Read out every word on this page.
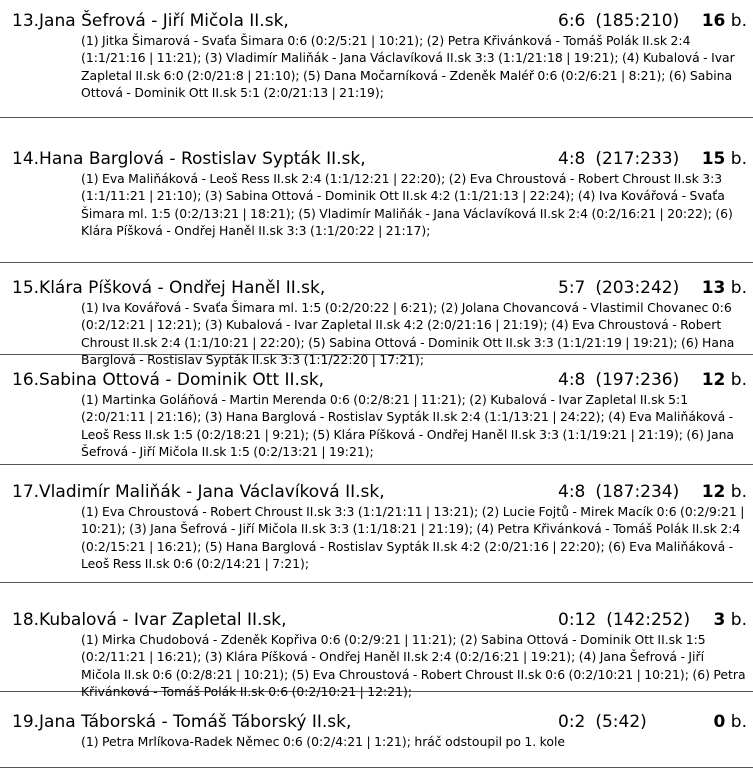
13.Jana Šefrová - Jiří Mičola II.sk,	6:6 (185:210) 16 b.
(1) Jitka Šimarová - Svaťa Šimara 0:6 (0:2/5:21 | 10:21); (2) Petra Křivánková - Tomáš Polák II.sk 2:4 (1:1/21:16 | 11:21); (3) Vladimír Maliňák - Jana Václavíková II.sk 3:3 (1:1/21:18 | 19:21); (4) Kubalová - Ivar Zapletal II.sk 6:0 (2:0/21:8 | 21:10); (5) Dana Močarníková - Zdeněk Maléř 0:6 (0:2/6:21 | 8:21); (6) Sabina Ottová - Dominik Ott II.sk 5:1 (2:0/21:13 | 21:19);
14.Hana Barglová - Rostislav Sypták II.sk,	4:8 (217:233) 15 b.
(1) Eva Maliňáková - Leoš Ress II.sk 2:4 (1:1/12:21 | 22:20); (2) Eva Chroustová - Robert Chroust II.sk 3:3 (1:1/11:21 | 21:10); (3) Sabina Ottová - Dominik Ott II.sk 4:2 (1:1/21:13 | 22:24); (4) Iva Kovářová - Svaťa Šimara ml. 1:5 (0:2/13:21 | 18:21); (5) Vladimír Maliňák - Jana Václavíková II.sk 2:4 (0:2/16:21 | 20:22); (6) Klára Píšková - Ondřej Haněl II.sk 3:3 (1:1/20:22 | 21:17);
15.Klára Píšková - Ondřej Haněl II.sk,	5:7 (203:242) 13 b.
(1) Iva Kovářová - Svaťa Šimara ml. 1:5 (0:2/20:22 | 6:21); (2) Jolana Chovancová - Vlastimil Chovanec 0:6 (0:2/12:21 | 12:21); (3) Kubalová - Ivar Zapletal II.sk 4:2 (2:0/21:16 | 21:19); (4) Eva Chroustová - Robert Chroust II.sk 2:4 (1:1/10:21 | 22:20); (5) Sabina Ottová - Dominik Ott II.sk 3:3 (1:1/21:19 | 19:21); (6) Hana Barglová - Rostislav Sypták II.sk 3:3 (1:1/22:20 | 17:21);
16.Sabina Ottová - Dominik Ott II.sk,	4:8 (197:236) 12 b.
(1) Martinka Goláňová - Martin Merenda 0:6 (0:2/8:21 | 11:21); (2) Kubalová - Ivar Zapletal II.sk 5:1 (2:0/21:11 | 21:16); (3) Hana Barglová - Rostislav Sypták II.sk 2:4 (1:1/13:21 | 24:22); (4) Eva Maliňáková - Leoš Ress II.sk 1:5 (0:2/18:21 | 9:21); (5) Klára Píšková - Ondřej Haněl II.sk 3:3 (1:1/19:21 | 21:19); (6) Jana Šefrová - Jiří Mičola II.sk 1:5 (0:2/13:21 | 19:21);
17.Vladimír Maliňák - Jana Václavíková II.sk,	4:8 (187:234) 12 b.
(1) Eva Chroustová - Robert Chroust II.sk 3:3 (1:1/21:11 | 13:21); (2) Lucie Fojtů - Mirek Macík 0:6 (0:2/9:21 | 10:21); (3) Jana Šefrová - Jiří Mičola II.sk 3:3 (1:1/18:21 | 21:19); (4) Petra Křivánková - Tomáš Polák II.sk 2:4 (0:2/15:21 | 16:21); (5) Hana Barglová - Rostislav Sypták II.sk 4:2 (2:0/21:16 | 22:20); (6) Eva Maliňáková - Leoš Ress II.sk 0:6 (0:2/14:21 | 7:21);
18.Kubalová - Ivar Zapletal II.sk,	0:12 (142:252) 3 b.
(1) Mirka Chudobová - Zdeněk Kopřiva 0:6 (0:2/9:21 | 11:21); (2) Sabina Ottová - Dominik Ott II.sk 1:5 (0:2/11:21 | 16:21); (3) Klára Píšková - Ondřej Haněl II.sk 2:4 (0:2/16:21 | 19:21); (4) Jana Šefrová - Jiří Mičola II.sk 0:6 (0:2/8:21 | 10:21); (5) Eva Chroustová - Robert Chroust II.sk 0:6 (0:2/10:21 | 10:21); (6) Petra Křivánková - Tomáš Polák II.sk 0:6 (0:2/10:21 | 12:21);
19.Jana Táborská - Tomáš Táborský II.sk,	0:2 (5:42)	0 b.
(1) Petra Mrlíkova-Radek Němec 0:6 (0:2/4:21 | 1:21); hráč odstoupil po 1. kole
